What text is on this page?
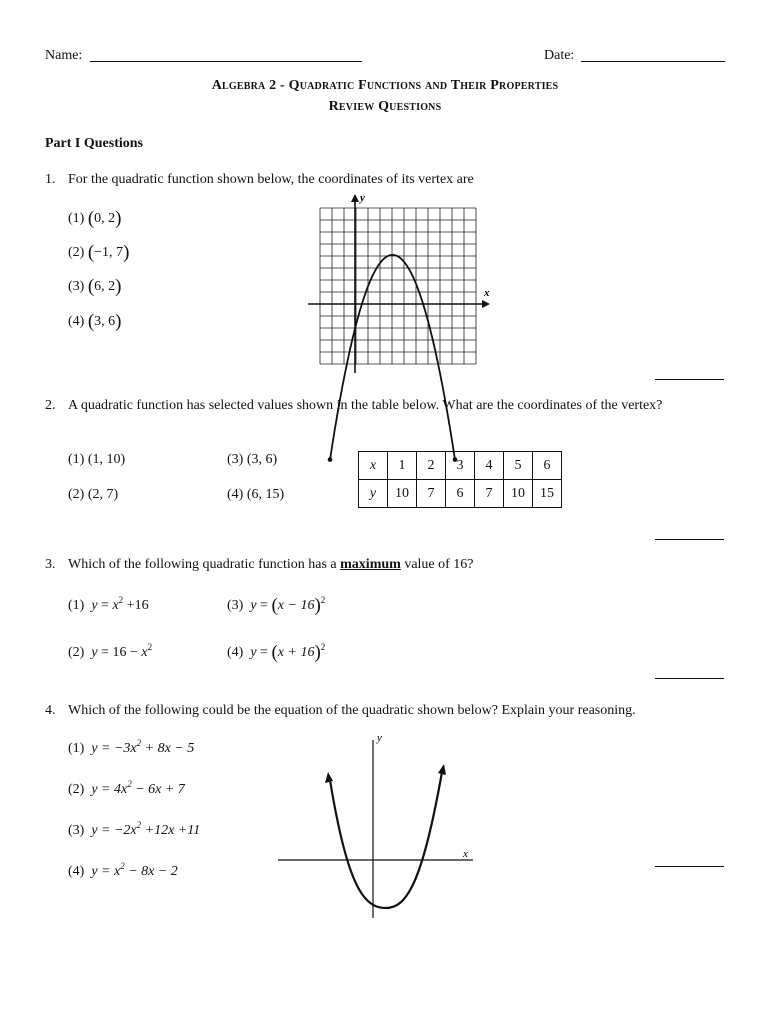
Name:	Date:
Algebra 2 - Quadratic Functions and Their Properties
Review Questions
Part I Questions
1. For the quadratic function shown below, the coordinates of its vertex are
(1) (0, 2)
(2) (−1, 7)
(3) (6, 2)
(4) (3, 6)
x
y
2. A quadratic function has selected values shown in the table below. What are the coordinates of the vertex?
(1) (1, 10)
(2) (2, 7)
(3) (3, 6)
(4) (6, 15)
x	1	2	3	4	5	6
y	10	7	6	7	10	15
3. Which of the following quadratic function has a maximum value of 16?
(1) $y = x^2 +16$
(2) $y = 16 - x^2$
(3) $y = (x - 16)^2$
(4) $y = (x + 16)^2$
4. Which of the following could be the equation of the quadratic shown below? Explain your reasoning.
(1) $y = -3x^2 + 8x - 5$
(2) $y = 4x^2 - 6x + 7$
(3) $y = -2x^2 +12x +11$
(4) $y = x^2 - 8x - 2$
x
y
